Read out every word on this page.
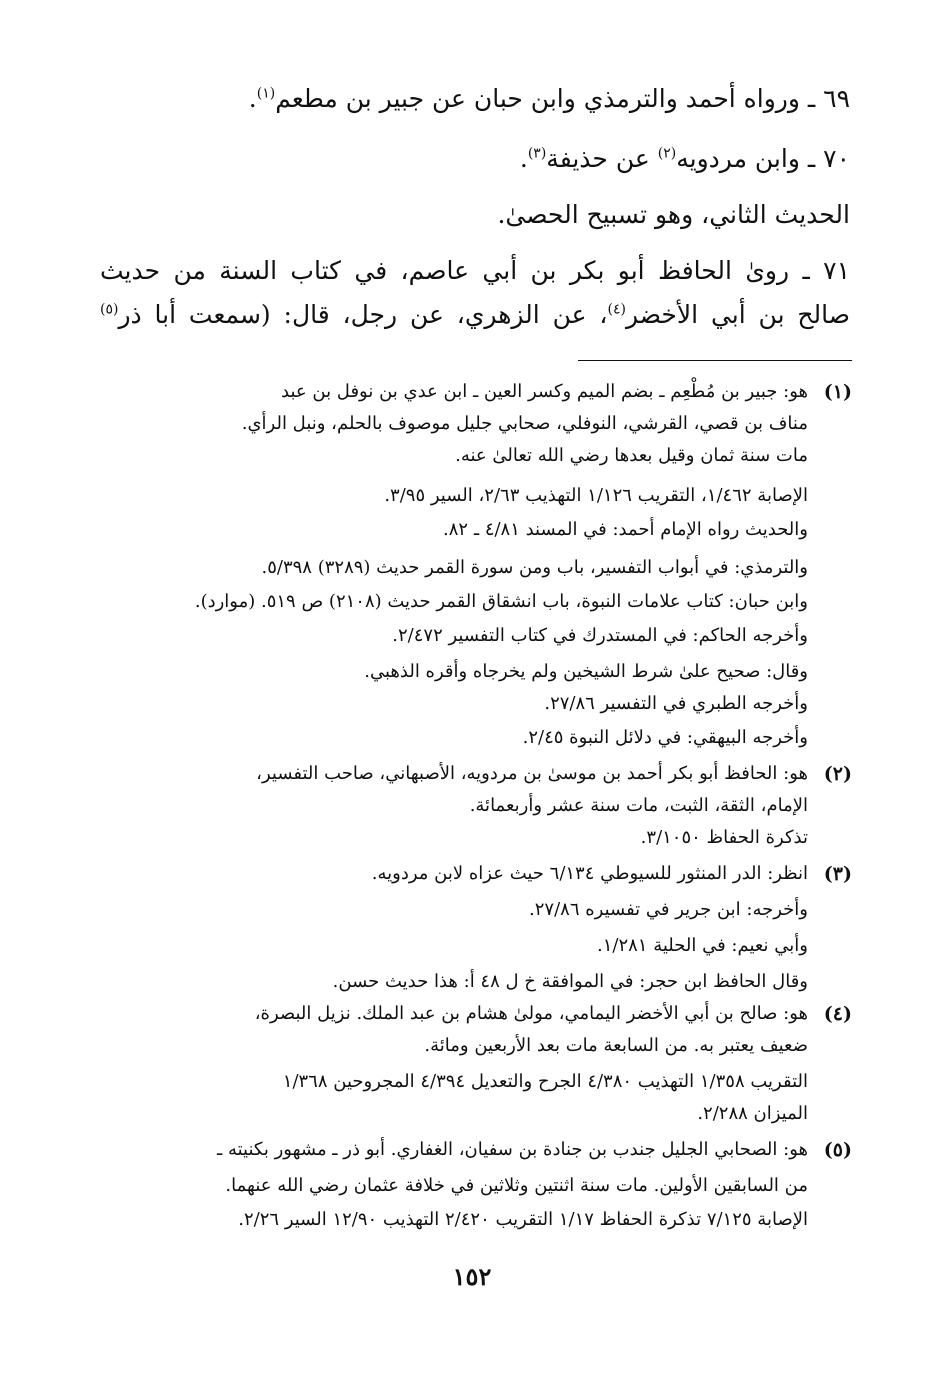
٦٩ ـ ورواه أحمد والترمذي وابن حبان عن جبير بن مطعم$^{(١)}$.
٧٠ ـ وابن مردويه$^{(٢)}$ عن حذيفة$^{(٣)}$.
الحديث الثاني، وهو تسبيح الحصىٰ.
٧١ ـ روىٰ الحافظ أبو بكر بن أبي عاصم، في كتاب السنة من حديث
صالح بن أبي الأخضر$^{(٤)}$، عن الزهري، عن رجل، قال: (سمعت أبا ذر$^{(٥)}$
(١)
هو: جبير بن مُطْعِم ـ بضم الميم وكسر العين ـ ابن عدي بن نوفل بن عبد
مناف بن قصي، القرشي، النوفلي، صحابي جليل موصوف بالحلم، ونبل الرأي.
مات سنة ثمان وقيل بعدها رضي الله تعالىٰ عنه.
الإصابة ١/٤٦٢، التقريب ١/١٢٦ التهذيب ٢/٦٣، السير ٣/٩٥.
والحديث رواه الإمام أحمد: في المسند ٤/٨١ ـ ٨٢.
والترمذي: في أبواب التفسير، باب ومن سورة القمر حديث (٣٢٨٩) ٥/٣٩٨.
وابن حبان: كتاب علامات النبوة، باب انشقاق القمر حديث (٢١٠٨) ص ٥١٩. (موارد).
وأخرجه الحاكم: في المستدرك في كتاب التفسير ٢/٤٧٢.
وقال: صحيح علىٰ شرط الشيخين ولم يخرجاه وأقره الذهبي.
وأخرجه الطبري في التفسير ٢٧/٨٦.
وأخرجه البيهقي: في دلائل النبوة ٢/٤٥.
(٢)
هو: الحافظ أبو بكر أحمد بن موسىٰ بن مردويه، الأصبهاني، صاحب التفسير،
الإمام، الثقة، الثبت، مات سنة عشر وأربعمائة.
تذكرة الحفاظ ٣/١٠٥٠.
(٣)
انظر: الدر المنثور للسيوطي ٦/١٣٤ حيث عزاه لابن مردويه.
وأخرجه: ابن جرير في تفسيره ٢٧/٨٦.
وأبي نعيم: في الحلية ١/٢٨١.
وقال الحافظ ابن حجر: في الموافقة خ ل ٤٨ أ: هذا حديث حسن.
(٤)
هو: صالح بن أبي الأخضر اليمامي، مولىٰ هشام بن عبد الملك. نزيل البصرة،
ضعيف يعتبر به. من السابعة مات بعد الأربعين ومائة.
التقريب ١/٣٥٨ التهذيب ٤/٣٨٠ الجرح والتعديل ٤/٣٩٤ المجروحين ١/٣٦٨
الميزان ٢/٢٨٨.
(٥)
هو: الصحابي الجليل جندب بن جنادة بن سفيان، الغفاري. أبو ذر ـ مشهور بكنيته ـ
من السابقين الأولين. مات سنة اثنتين وثلاثين في خلافة عثمان رضي الله عنهما.
الإصابة ٧/١٢٥ تذكرة الحفاظ ١/١٧ التقريب ٢/٤٢٠ التهذيب ١٢/٩٠ السير ٢/٢٦.
١٥٢
